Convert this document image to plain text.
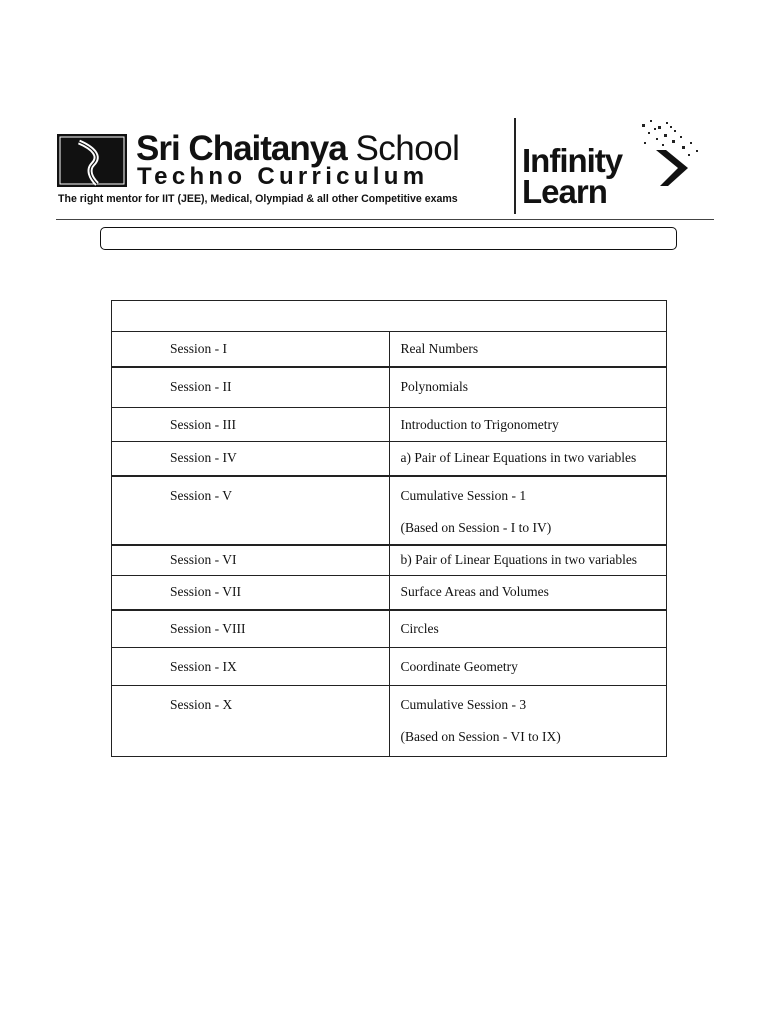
Sri Chaitanya School
Techno Curriculum
The right mentor for IIT (JEE), Medical, Olympiad & all other Competitive exams
Infinity
Learn

Session - I	Real Numbers
Session - II	Polynomials
Session - III	Introduction to Trigonometry
Session - IV	a) Pair of Linear Equations in two variables
Session - V	Cumulative Session - 1
(Based on Session - I to IV)

Session - VI	b) Pair of Linear Equations in two variables
Session - VII	Surface Areas and Volumes
Session - VIII	Circles
Session - IX	Coordinate Geometry
Session - X	Cumulative Session - 3
(Based on Session - VI to IX)
